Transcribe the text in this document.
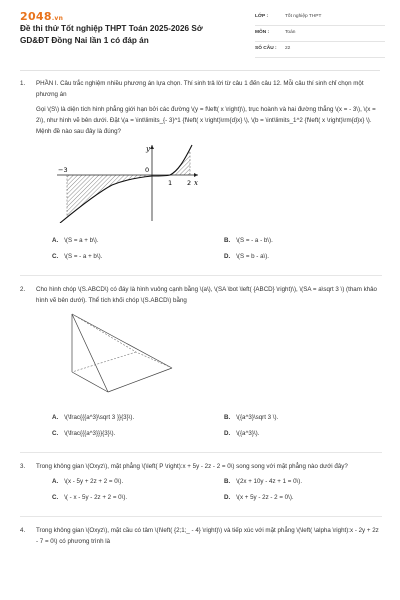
2048.vn
Đề thi thử Tốt nghiệp THPT Toán 2025-2026 Sở GD&ĐT Đồng Nai lần 1 có đáp án
LỚP :	Tốt nghiệp THPT
MÔN :	Toán
SỐ CÂU : 22
1. PHẦN I. Câu trắc nghiệm nhiều phương án lựa chọn. Thí sinh trả lời từ câu 1 đến câu 12. Mỗi câu thí sinh chỉ chọn một phương án

Gọi \(S\) là diện tích hình phẳng giới hạn bởi các đường \(y = f\left( x \right)\), trục hoành và hai đường thẳng \(x = - 3\), \(x = 2\), như hình vẽ bên dưới. Đặt \(a = \int\limits_{- 3}^1 {f\left( x \right)\rm{d}x} \), \(b = \int\limits_1^2 {f\left( x \right)\rm{d}x} \). Mệnh đề nào sau đây là đúng?

y
x
0
−3
1 2
A. \(S = a + b\).	B. \(S = - a - b\).
C. \(S = - a + b\).	D. \(S = b - a\).
2. Cho hình chóp \(S.ABCD\) có đáy là hình vuông cạnh bằng \(a\), \(SA \bot \left( {ABCD} \right)\), \(SA = a\sqrt 3 \) (tham khảo hình vẽ bên dưới). Thể tích khối chóp \(S.ABCD\) bằng

A. \(\frac{{{a^3}\sqrt 3 }}{3}\).	B. \({a^3}\sqrt 3 \).
C. \(\frac{{{a^3}}}{3}\).	D. \({a^3}\).
3. Trong không gian \(Oxyz\), mặt phẳng \(\left( P \right):x + 5y - 2z - 2 = 0\) song song với mặt phẳng nào dưới đây?

A. \(x - 5y + 2z + 2 = 0\).	B. \(2x + 10y - 4z + 1 = 0\).
C. \( - x - 5y - 2z + 2 = 0\).	D. \(x + 5y - 2z - 2 = 0\).
4. Trong không gian \(Oxyz\), mặt cầu có tâm \(I\left( {2;1;_ - 4} \right)\) và tiếp xúc với mặt phẳng \(\left( \alpha \right):x - 2y + 2z - 7 = 0\) có phương trình là
